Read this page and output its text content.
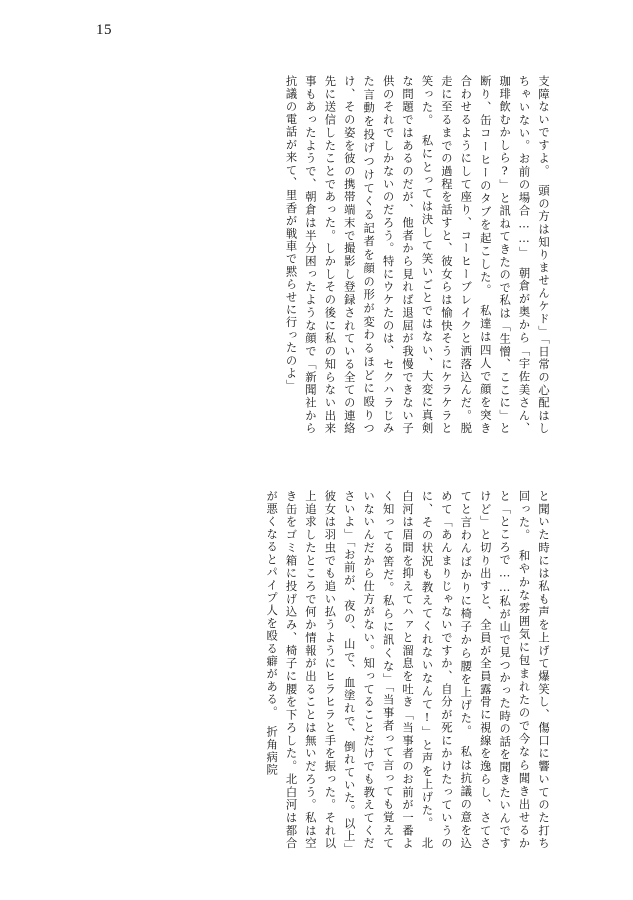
15

支障ないですよ。　頭の方は知りませんケド」「日常の心配はしちゃいない。お前の場合……」　朝倉が奥から「宇佐美さん、珈琲飲むかしら?」と訊ねてきたので私は「生憎、ここに」と断り、缶コーヒーのタブを起こした。　私達は四人で顔を突き合わせるようにして座り、コーヒーブレイクと洒落込んだ。脱走に至るまでの過程を話すと、彼女らは愉快そうにケラケラと笑った。　私にとっては決して笑いごとではない、大変に真剣な問題ではあるのだが、他者から見れば退屈が我慢できない子供のそれでしかないのだろう。特にウケたのは、セクハラじみた言動を投げつけてくる記者を顔の形が変わるほどに殴りつけ、その姿を彼の携帯端末で撮影し登録されている全ての連絡先に送信したことであった。しかしその後に私の知らない出来事もあったようで、朝倉は半分困ったような顔で「新聞社から抗議の電話が来て、里香が戦車で黙らせに行ったのよ」

と聞いた時には私も声を上げて爆笑し、傷口に響いてのた打ち回った。　和やかな雰囲気に包まれたので今なら聞き出せるかと「ところで……私が山で見つかった時の話を聞きたいんですけど」と切り出すと、全員が全員露骨に視線を逸らし、さてさてと言わんばかりに椅子から腰を上げた。　私は抗議の意を込めて「あんまりじゃないですか、自分が死にかけたっていうのに、その状況も教えてくれないなんて!」と声を上げた。　北白河は眉間を抑えてハァと溜息を吐き「当事者のお前が一番よく知ってる筈だ。私らに訊くな」「当事者って言っても覚えていないんだから仕方がない。知ってることだけでも教えてくださいよ」「お前が、夜の、山で、血塗れで、倒れていた。以上」彼女は羽虫でも追い払うようにヒラヒラと手を振った。それ以上追求したところで何か情報が出ることは無いだろう。私は空き缶をゴミ箱に投げ込み、椅子に腰を下ろした。北白河は都合が悪くなるとパイプ人を殴る癖がある。　折角病院
